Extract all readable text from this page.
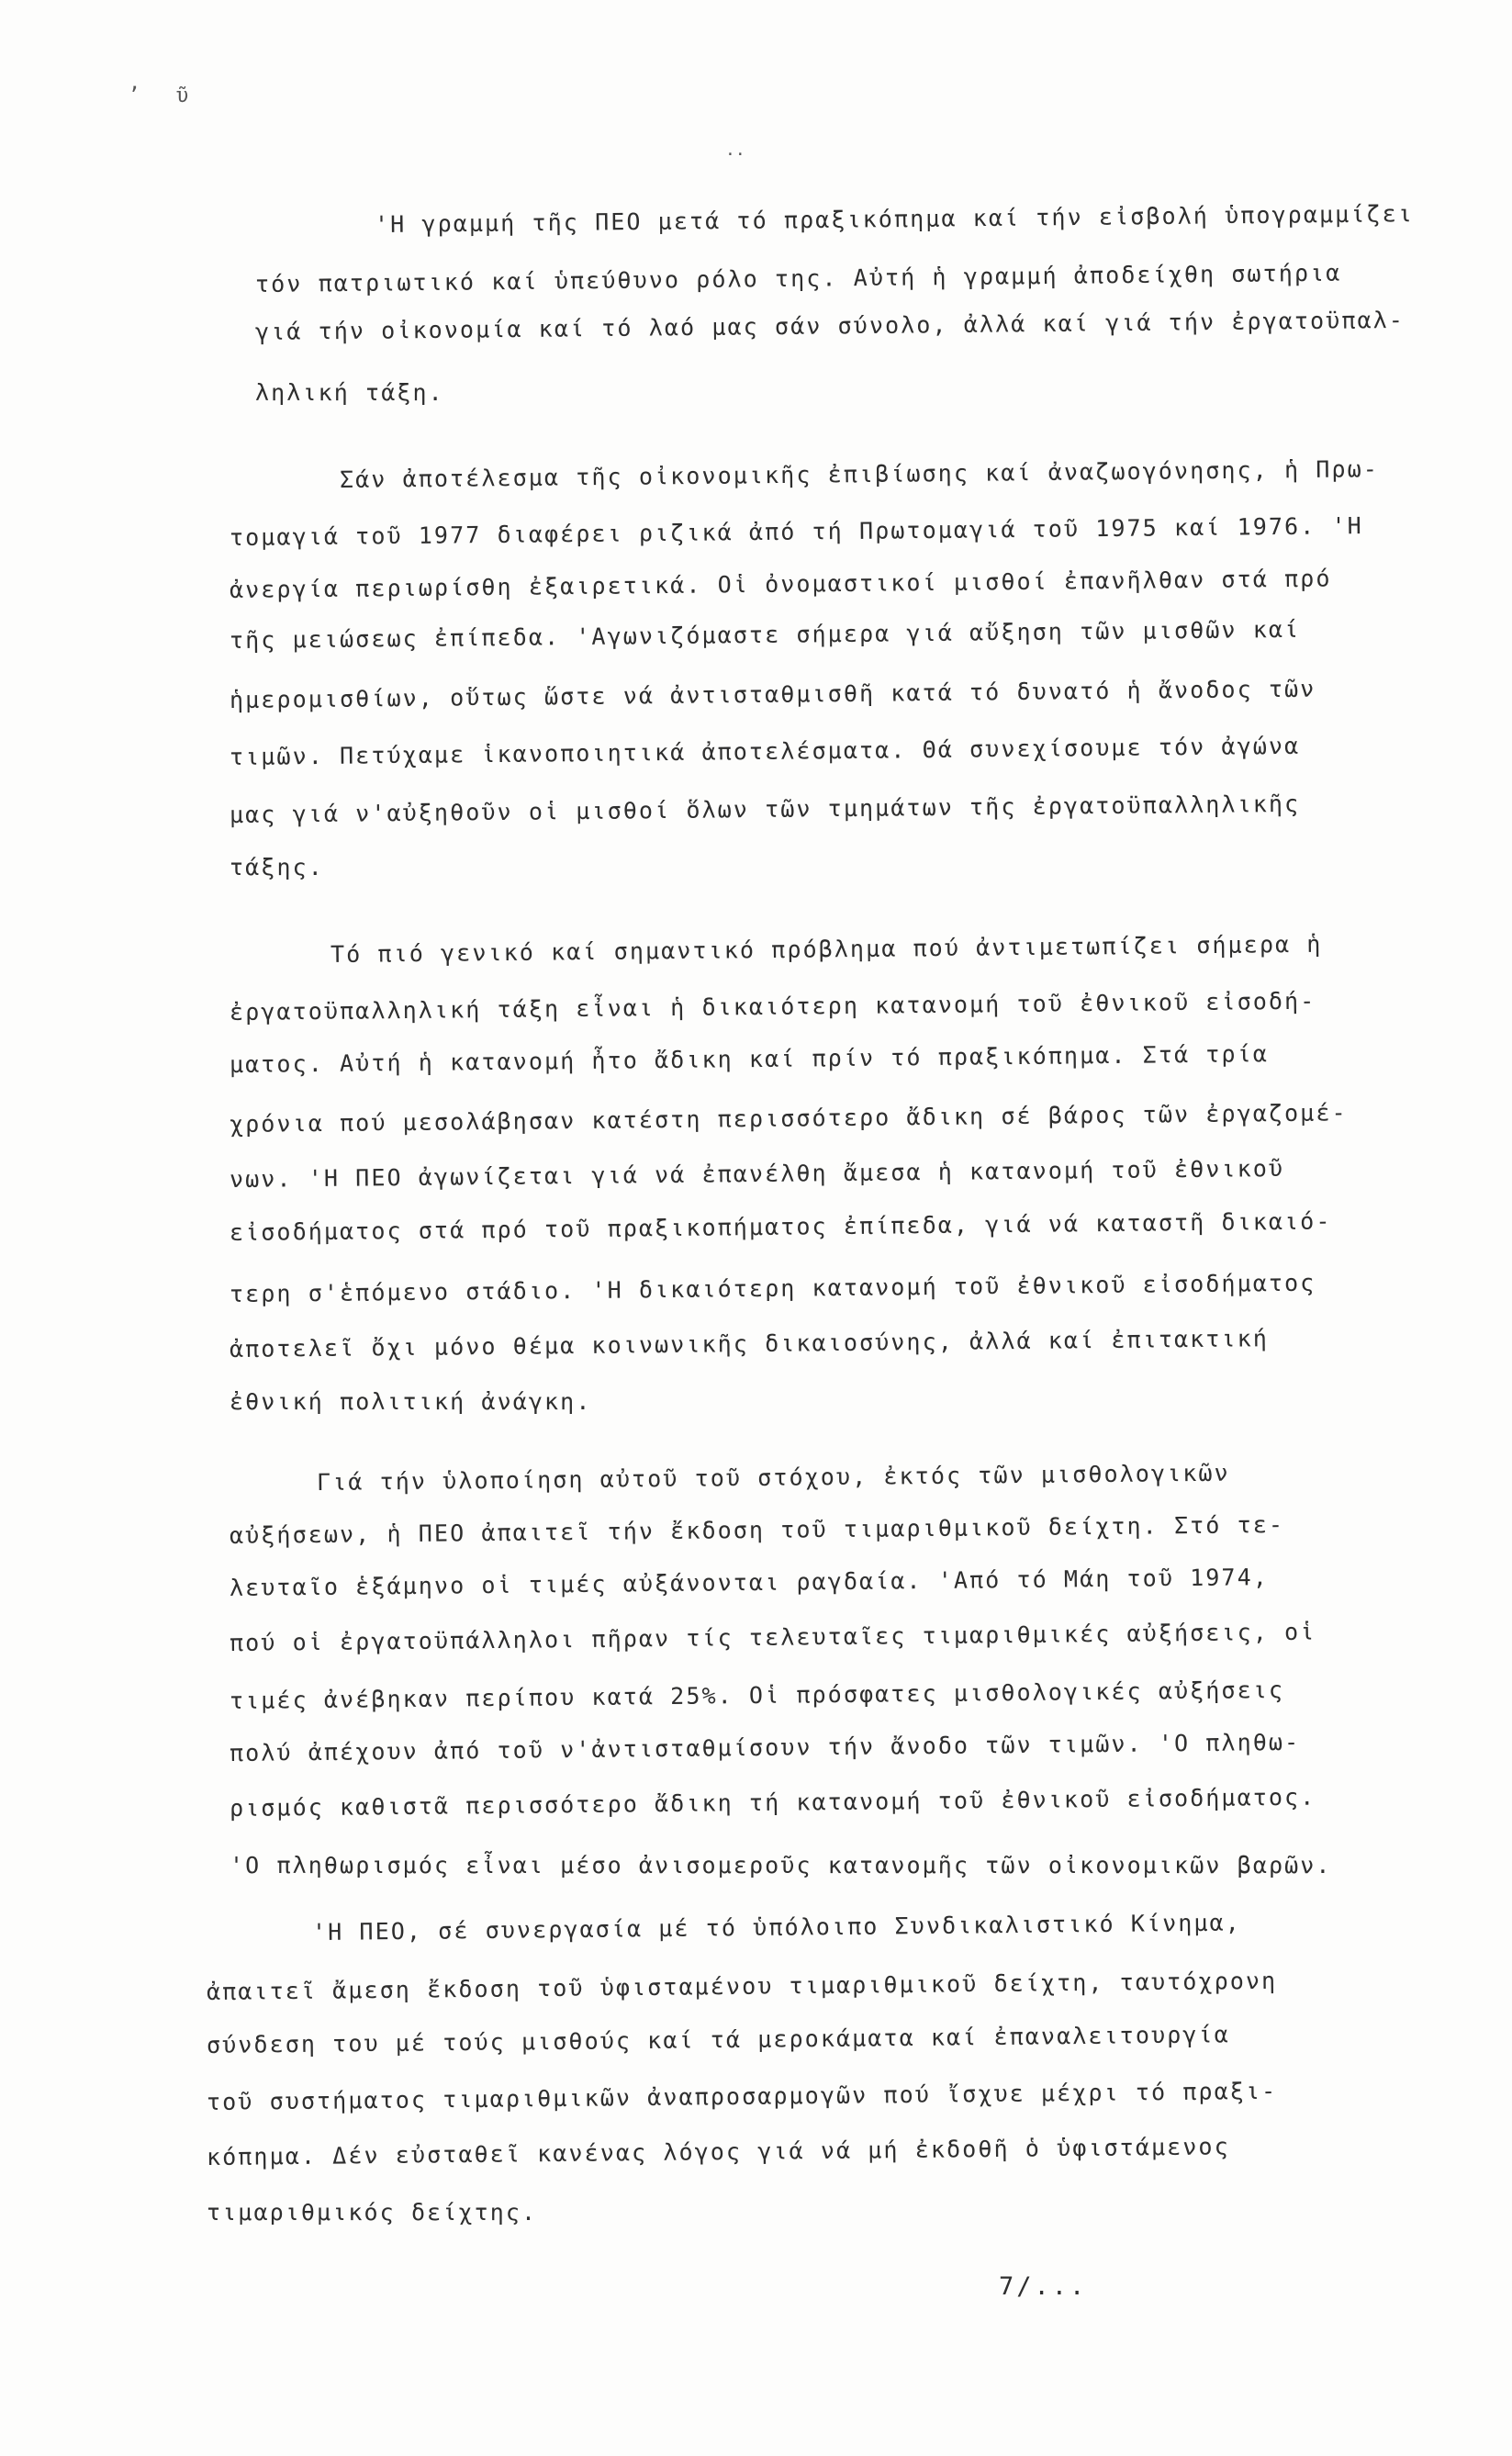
,
ῦ
··
'Η γραμμή τῆς ΠΕΟ μετά τό πραξικόπημα καί τήν εἰσβολή ὑπογραμμίζει
τόν πατριωτικό καί ὑπεύθυνο ρόλο της. Αὐτή ἡ γραμμή ἀποδείχθη σωτήρια
γιά τήν οἰκονομία καί τό λαό μας σάν σύνολο, ἀλλά καί γιά τήν ἐργατοϋπαλ-
ληλική τάξη.
Σάν ἀποτέλεσμα τῆς οἰκονομικῆς ἐπιβίωσης καί ἀναζωογόνησης, ἡ Πρω-
τομαγιά τοῦ 1977 διαφέρει ριζικά ἀπό τή Πρωτομαγιά τοῦ 1975 καί 1976. 'Η
ἀνεργία περιωρίσθη ἐξαιρετικά. Οἱ ὀνομαστικοί μισθοί ἐπανῆλθαν στά πρό
τῆς μειώσεως ἐπίπεδα. 'Αγωνιζόμαστε σήμερα γιά αὔξηση τῶν μισθῶν καί
ἡμερομισθίων, οὕτως ὥστε νά ἀντισταθμισθῆ κατά τό δυνατό ἡ ἄνοδος τῶν
τιμῶν. Πετύχαμε ἱκανοποιητικά ἀποτελέσματα. Θά συνεχίσουμε τόν ἀγώνα
μας γιά ν'αὐξηθοῦν οἱ μισθοί ὅλων τῶν τμημάτων τῆς ἐργατοϋπαλληλικῆς
τάξης.
Τό πιό γενικό καί σημαντικό πρόβλημα πού ἀντιμετωπίζει σήμερα ἡ
ἐργατοϋπαλληλική τάξη εἶναι ἡ δικαιότερη κατανομή τοῦ ἐθνικοῦ εἰσοδή-
ματος. Αὐτή ἡ κατανομή ἦτο ἄδικη καί πρίν τό πραξικόπημα. Στά τρία
χρόνια πού μεσολάβησαν κατέστη περισσότερο ἄδικη σέ βάρος τῶν ἐργαζομέ-
νων. 'Η ΠΕΟ ἀγωνίζεται γιά νά ἐπανέλθη ἄμεσα ἡ κατανομή τοῦ ἐθνικοῦ
εἰσοδήματος στά πρό τοῦ πραξικοπήματος ἐπίπεδα, γιά νά καταστῆ δικαιό-
τερη σ'ἑπόμενο στάδιο. 'Η δικαιότερη κατανομή τοῦ ἐθνικοῦ εἰσοδήματος
ἀποτελεῖ ὄχι μόνο θέμα κοινωνικῆς δικαιοσύνης, ἀλλά καί ἐπιτακτική
ἐθνική πολιτική ἀνάγκη.
Γιά τήν ὑλοποίηση αὐτοῦ τοῦ στόχου, ἐκτός τῶν μισθολογικῶν
αὐξήσεων, ἡ ΠΕΟ ἀπαιτεῖ τήν ἔκδοση τοῦ τιμαριθμικοῦ δείχτη. Στό τε-
λευταῖο ἑξάμηνο οἱ τιμές αὐξάνονται ραγδαία. 'Από τό Μάη τοῦ 1974,
πού οἱ ἐργατοϋπάλληλοι πῆραν τίς τελευταῖες τιμαριθμικές αὐξήσεις, οἱ
τιμές ἀνέβηκαν περίπου κατά 25%. Οἱ πρόσφατες μισθολογικές αὐξήσεις
πολύ ἀπέχουν ἀπό τοῦ ν'ἀντισταθμίσουν τήν ἄνοδο τῶν τιμῶν. 'Ο πληθω-
ρισμός καθιστᾶ περισσότερο ἄδικη τή κατανομή τοῦ ἐθνικοῦ εἰσοδήματος.
'Ο πληθωρισμός εἶναι μέσο ἀνισομεροῦς κατανομῆς τῶν οἰκονομικῶν βαρῶν.
'Η ΠΕΟ, σέ συνεργασία μέ τό ὑπόλοιπο Συνδικαλιστικό Κίνημα,
ἀπαιτεῖ ἄμεση ἔκδοση τοῦ ὑφισταμένου τιμαριθμικοῦ δείχτη, ταυτόχρονη
σύνδεση του μέ τούς μισθούς καί τά μεροκάματα καί ἐπαναλειτουργία
τοῦ συστήματος τιμαριθμικῶν ἀναπροσαρμογῶν πού ἴσχυε μέχρι τό πραξι-
κόπημα. Δέν εὐσταθεῖ κανένας λόγος γιά νά μή ἐκδοθῆ ὁ ὑφιστάμενος
τιμαριθμικός δείχτης.
7/...
